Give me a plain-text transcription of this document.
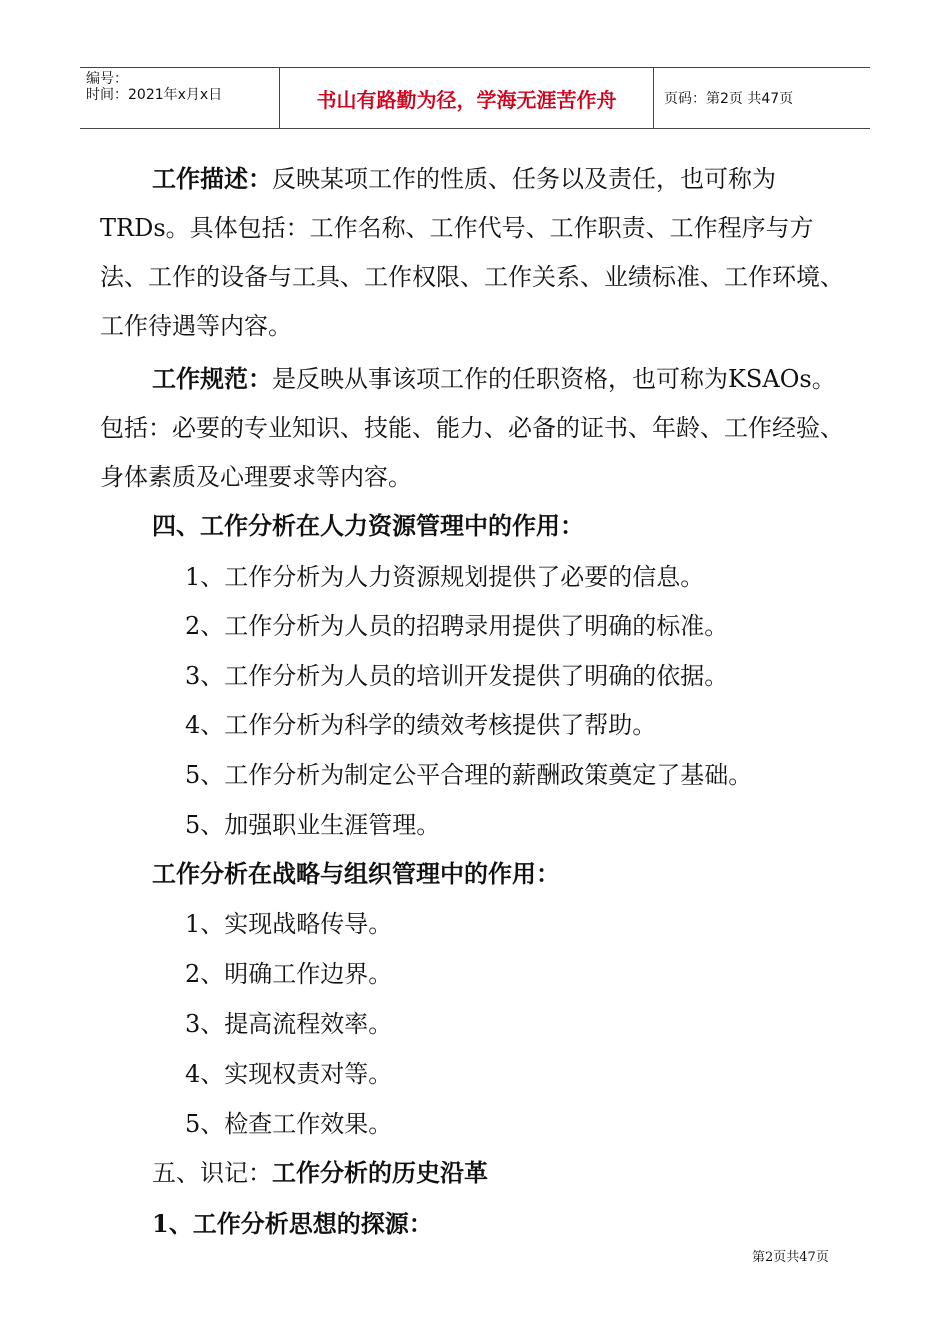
编号：
时间：2021年x月x日	书山有路勤为径，学海无涯苦作舟	页码：第2页 共47页

工作描述：反映某项工作的性质、任务以及责任，也可称为TRDs。具体包括：工作名称、工作代号、工作职责、工作程序与方法、工作的设备与工具、工作权限、工作关系、业绩标准、工作环境、工作待遇等内容。

工作规范：是反映从事该项工作的任职资格，也可称为KSAOs。包括：必要的专业知识、技能、能力、必备的证书、年龄、工作经验、身体素质及心理要求等内容。

四、工作分析在人力资源管理中的作用：
1、工作分析为人力资源规划提供了必要的信息。
2、工作分析为人员的招聘录用提供了明确的标准。
3、工作分析为人员的培训开发提供了明确的依据。
4、工作分析为科学的绩效考核提供了帮助。
5、工作分析为制定公平合理的薪酬政策奠定了基础。
5、加强职业生涯管理。
工作分析在战略与组织管理中的作用：
1、实现战略传导。
2、明确工作边界。
3、提高流程效率。
4、实现权责对等。
5、检查工作效果。
五、识记：工作分析的历史沿革
1、工作分析思想的探源：
第2页共47页
